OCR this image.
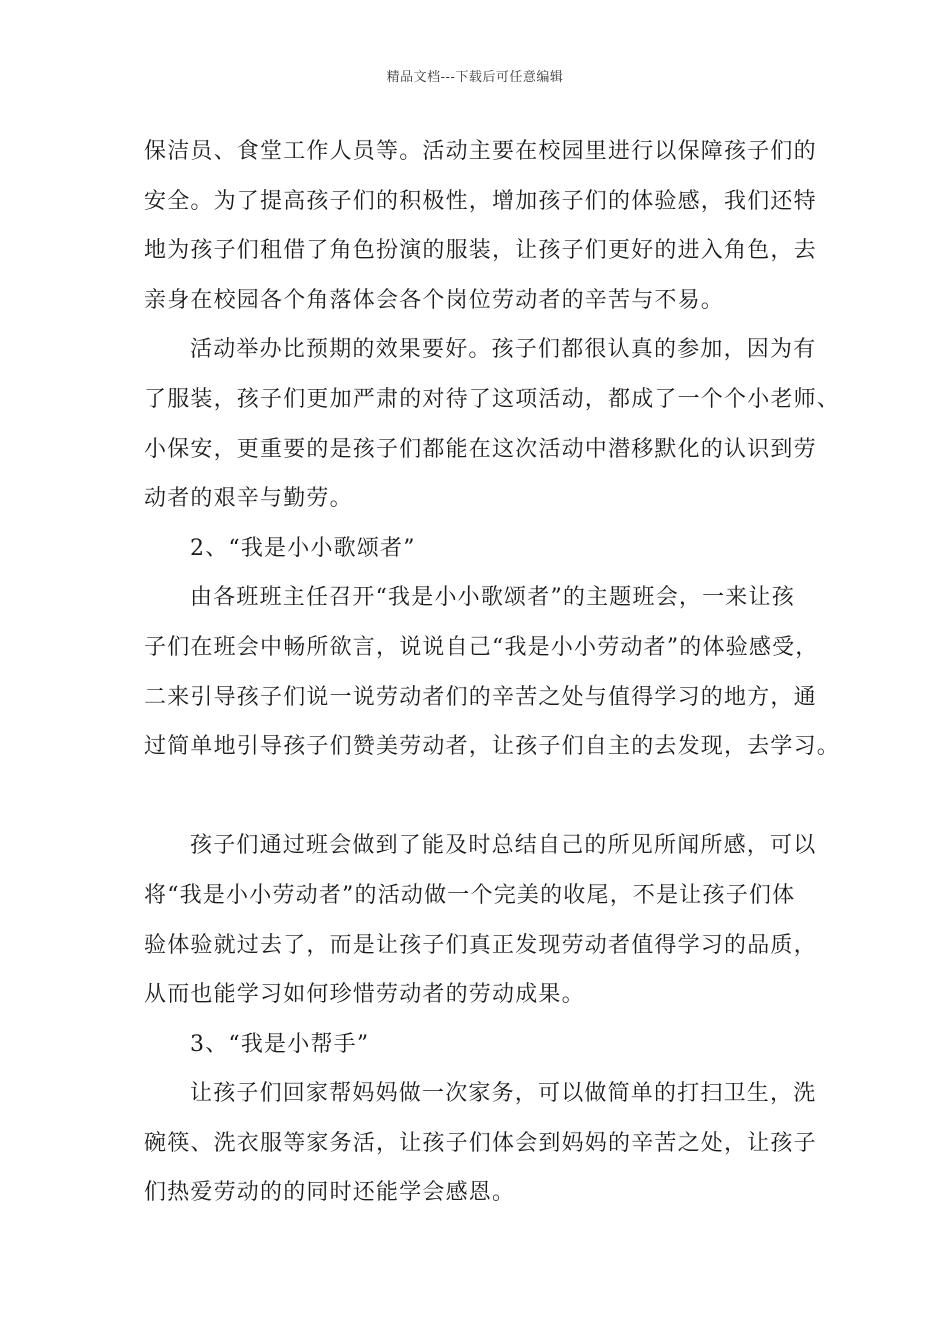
精品文档---下载后可任意编辑
保洁员、食堂工作人员等。活动主要在校园里进行以保障孩子们的
安全。为了提高孩子们的积极性，增加孩子们的体验感，我们还特
地为孩子们租借了角色扮演的服装，让孩子们更好的进入角色，去
亲身在校园各个角落体会各个岗位劳动者的辛苦与不易。
活动举办比预期的效果要好。孩子们都很认真的参加，因为有
了服装，孩子们更加严肃的对待了这项活动，都成了一个个小老师、
小保安，更重要的是孩子们都能在这次活动中潜移默化的认识到劳
动者的艰辛与勤劳。
2、“我是小小歌颂者”
由各班班主任召开“我是小小歌颂者”的主题班会，一来让孩
子们在班会中畅所欲言，说说自己“我是小小劳动者”的体验感受，
二来引导孩子们说一说劳动者们的辛苦之处与值得学习的地方，通
过简单地引导孩子们赞美劳动者，让孩子们自主的去发现，去学习。
孩子们通过班会做到了能及时总结自己的所见所闻所感，可以
将“我是小小劳动者”的活动做一个完美的收尾，不是让孩子们体
验体验就过去了，而是让孩子们真正发现劳动者值得学习的品质，
从而也能学习如何珍惜劳动者的劳动成果。
3、“我是小帮手”
让孩子们回家帮妈妈做一次家务，可以做简单的打扫卫生，洗
碗筷、洗衣服等家务活，让孩子们体会到妈妈的辛苦之处，让孩子
们热爱劳动的的同时还能学会感恩。
